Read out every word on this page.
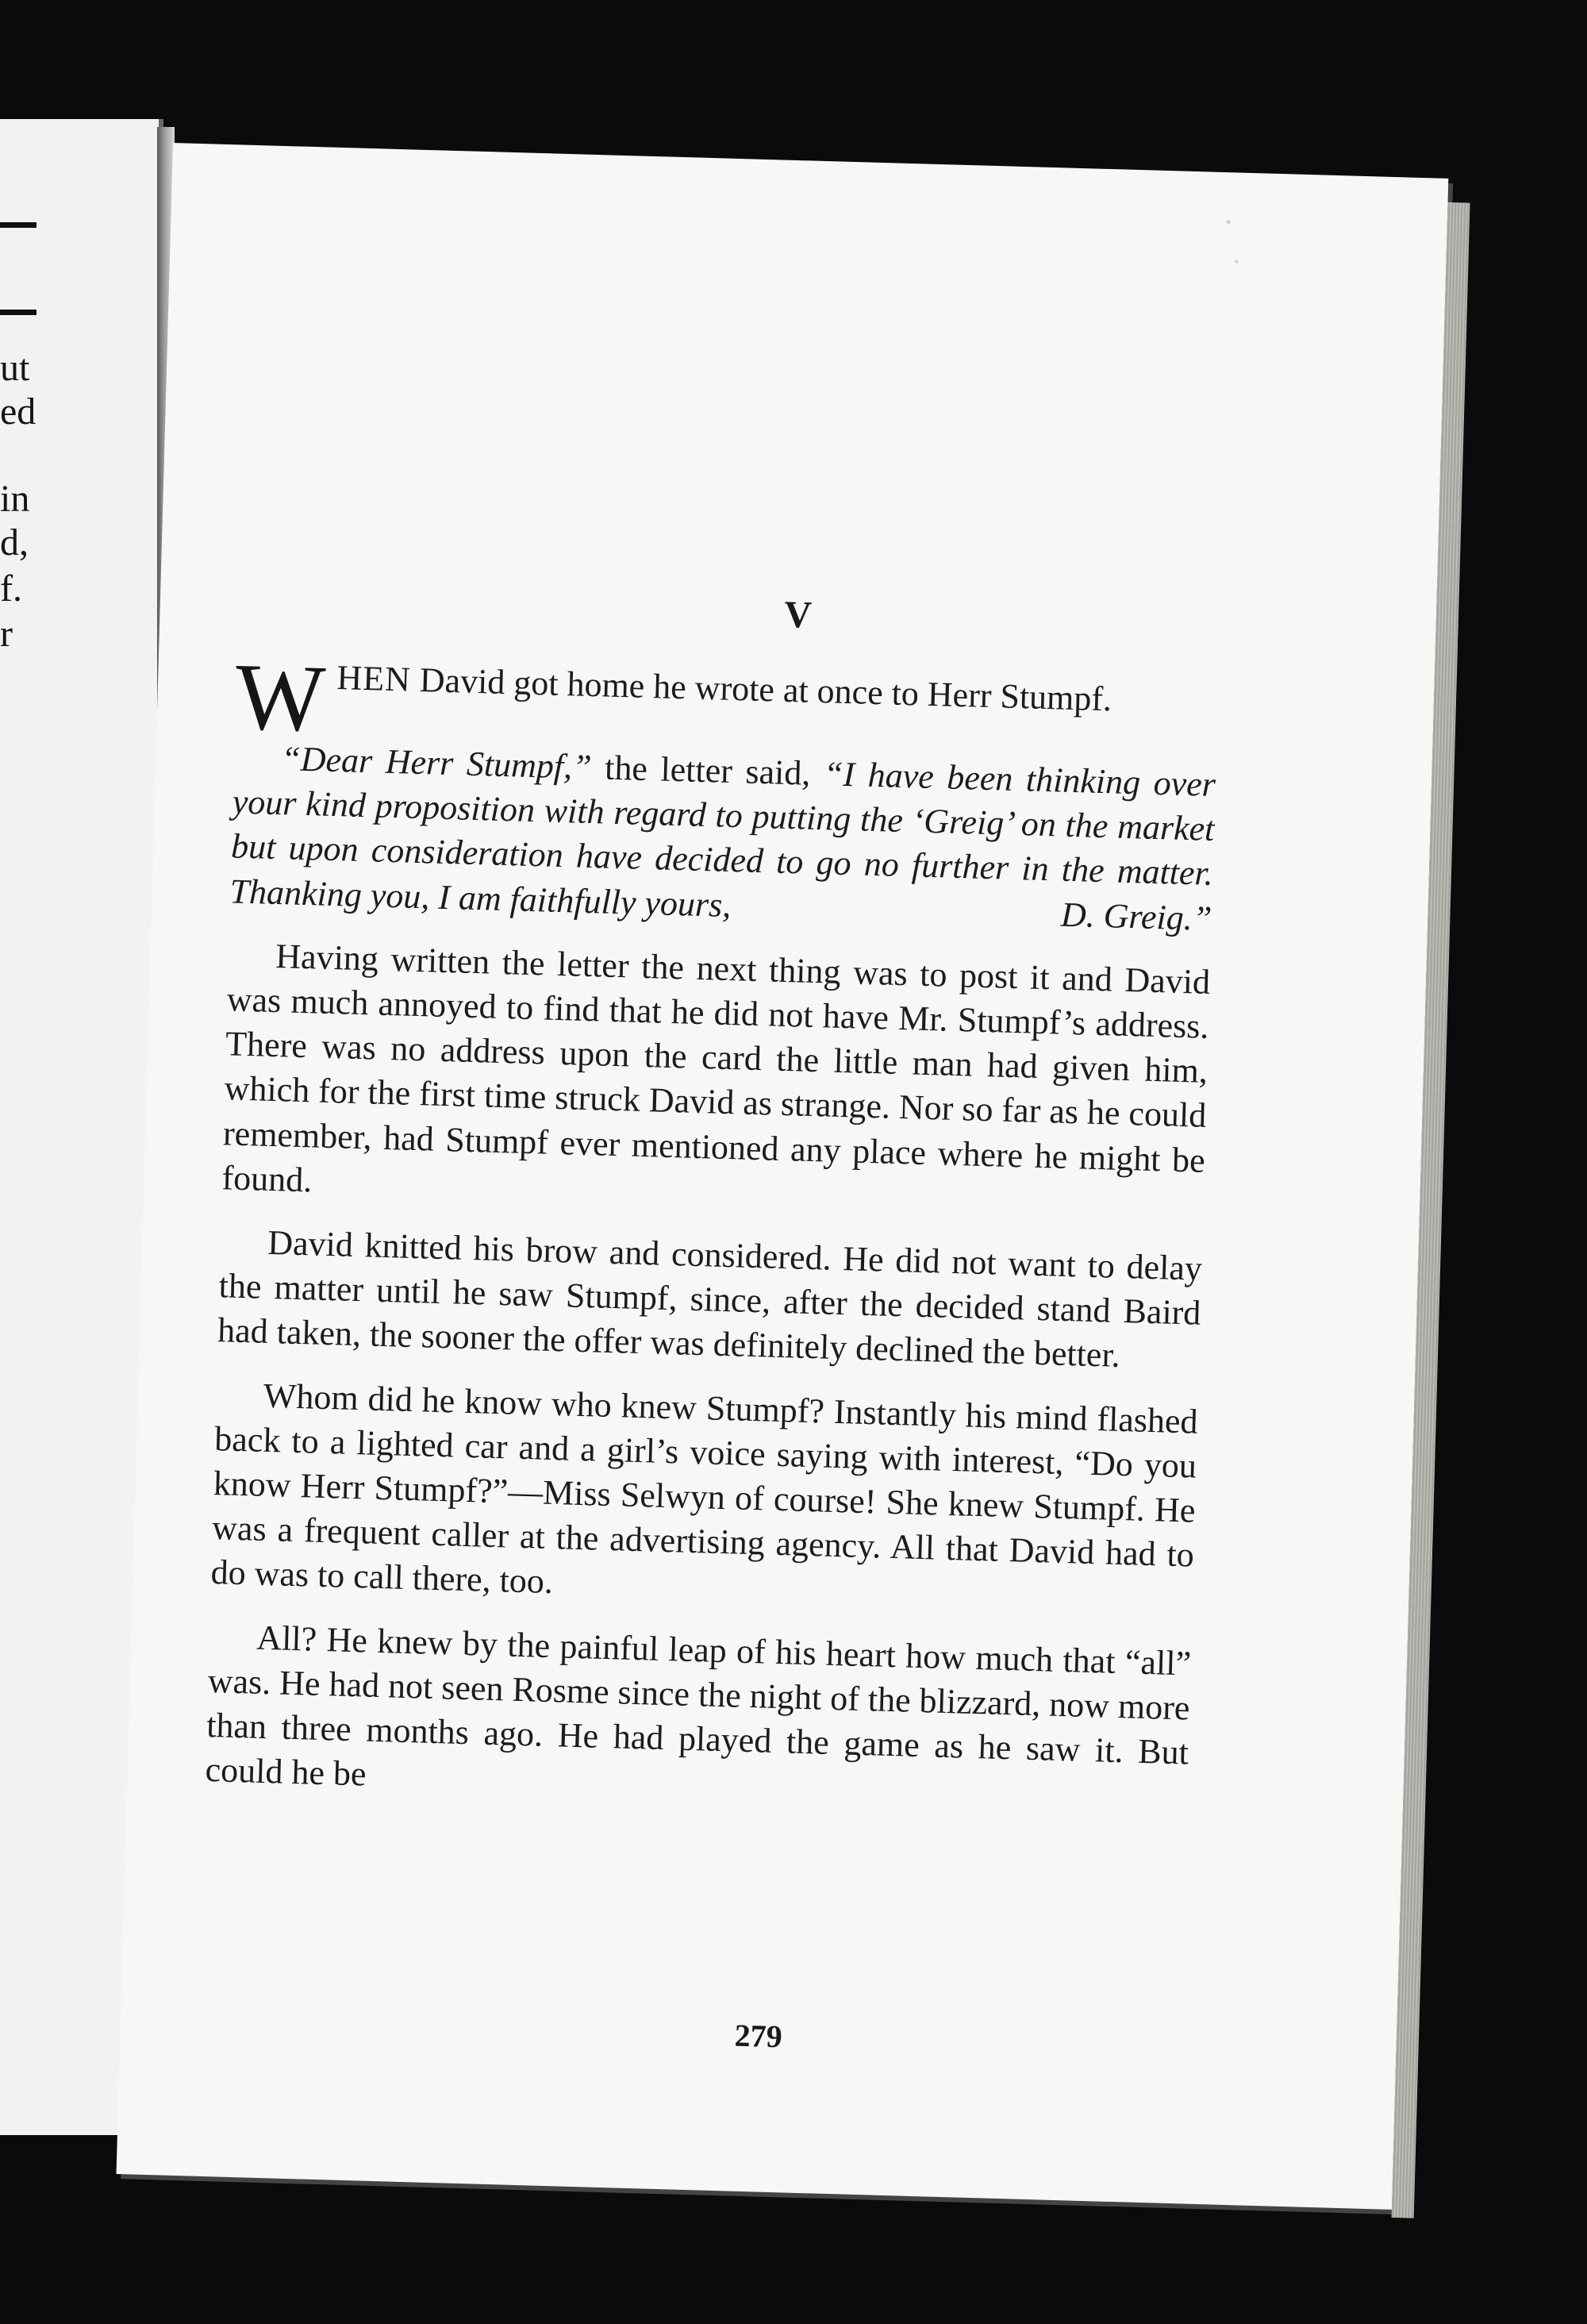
ut
ed
in
d,
f.
r	V

WHEN David got home he wrote at once to Herr Stumpf.

“Dear Herr Stumpf,” the letter said, “I have been thinking over your kind proposition with regard to putting the ‘Greig’ on the market but upon consideration have decided to go no further in the matter. Thanking you, I am faithfully yours,	D. Greig.”

Having written the letter the next thing was to post it and David was much annoyed to find that he did not have Mr. Stumpf’s address. There was no address upon the card the little man had given him, which for the first time struck David as strange. Nor so far as he could remember, had Stumpf ever mentioned any place where he might be found.

David knitted his brow and considered. He did not want to delay the matter until he saw Stumpf, since, after the decided stand Baird had taken, the sooner the offer was definitely declined the better.

Whom did he know who knew Stumpf? Instantly his mind flashed back to a lighted car and a girl’s voice saying with interest, “Do you know Herr Stumpf?”—Miss Selwyn of course! She knew Stumpf. He was a frequent caller at the advertising agency. All that David had to do was to call there, too.

All? He knew by the painful leap of his heart how much that “all” was. He had not seen Rosme since the night of the blizzard, now more than three months ago. He had played the game as he saw it. But could he be

279
